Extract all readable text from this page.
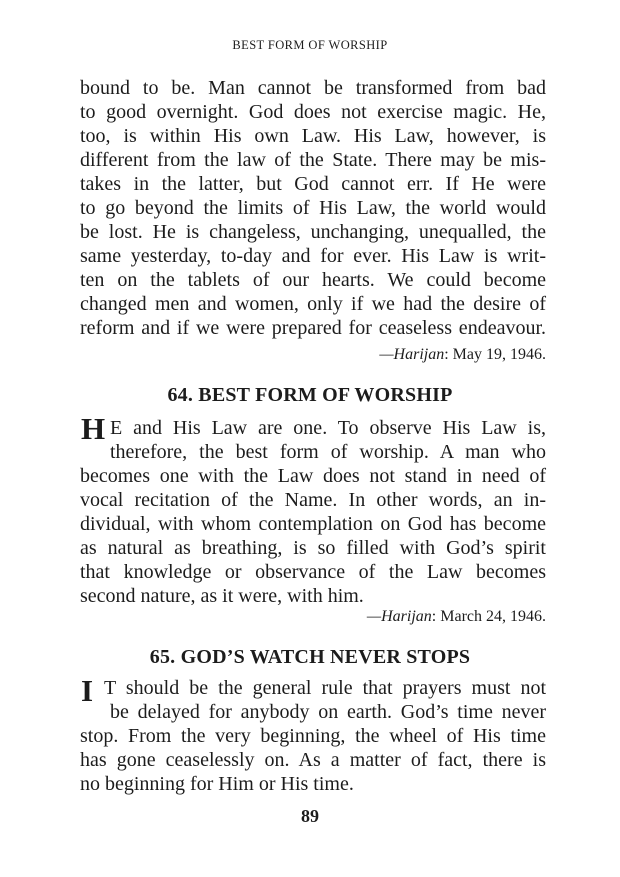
BEST FORM OF WORSHIP
bound to be. Man cannot be transformed from bad
to good overnight. God does not exercise magic. He,
too, is within His own Law. His Law, however, is
different from the law of the State. There may be mis-
takes in the latter, but God cannot err. If He were
to go beyond the limits of His Law, the world would
be lost. He is changeless, unchanging, unequalled, the
same yesterday, to-day and for ever. His Law is writ-
ten on the tablets of our hearts. We could become
changed men and women, only if we had the desire of
reform and if we were prepared for ceaseless endeavour.
—Harijan: May 19, 1946.
64. BEST FORM OF WORSHIP
H E and His Law are one. To observe His Law is,
therefore, the best form of worship. A man who
becomes one with the Law does not stand in need of
vocal recitation of the Name. In other words, an in-
dividual, with whom contemplation on God has become
as natural as breathing, is so filled with God’s spirit
that knowledge or observance of the Law becomes
second nature, as it were, with him.
—Harijan: March 24, 1946.
65. GOD’S WATCH NEVER STOPS
I T should be the general rule that prayers must not
be delayed for anybody on earth. God’s time never
stop. From the very beginning, the wheel of His time
has gone ceaselessly on. As a matter of fact, there is
no beginning for Him or His time.
89
